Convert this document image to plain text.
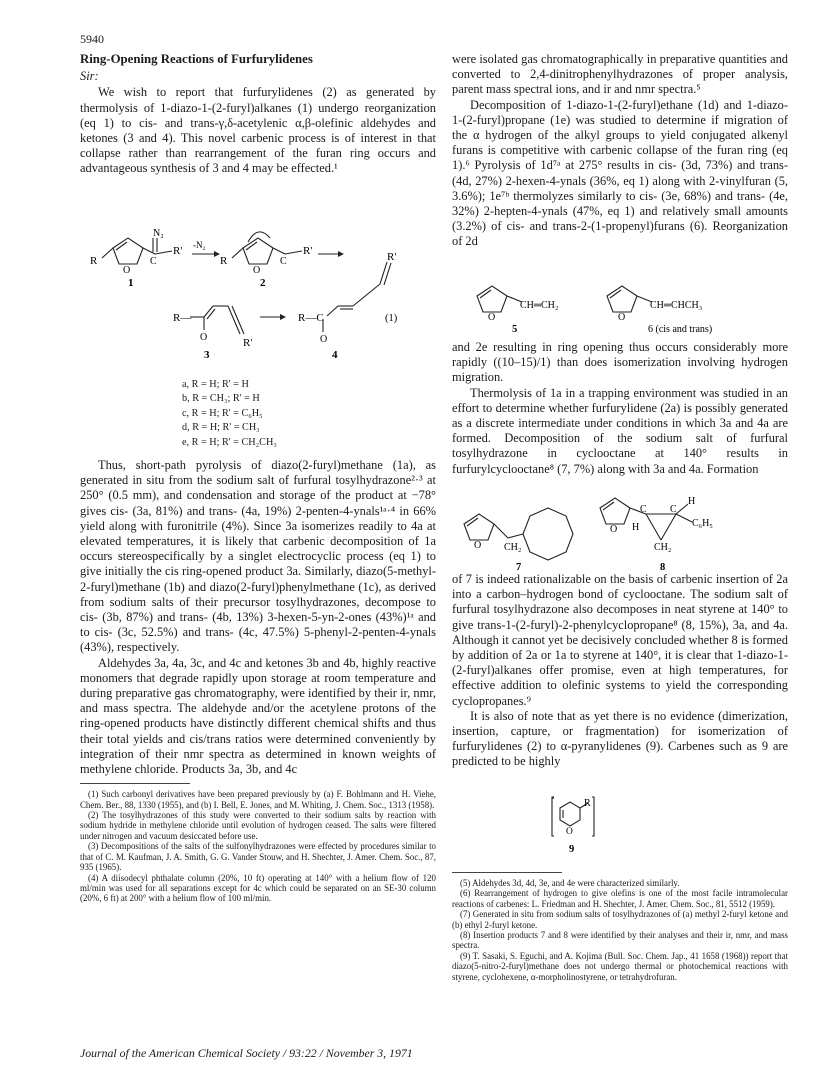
5940
Ring-Opening Reactions of Furfurylidenes
Sir:

We wish to report that furfurylidenes (2) as generated by thermolysis of 1-diazo-1-(2-furyl)alkanes (1) undergo reorganization (eq 1) to cis- and trans-γ,δ-acetylenic α,β-olefinic aldehydes and ketones (3 and 4). This novel carbenic process is of interest in that collapse rather than rearrangement of the furan ring occurs and advantageous synthesis of 3 and 4 may be effected.¹

N₂
R'
R
O
C
1
-N₂	R'
R
O
C
2
R—
O	R'
3
R—C
O
R'
(1)
4
a, R = H; R' = H
b, R = CH₃; R' = H
c, R = H; R' = C₆H₅
d, R = H; R' = CH₃
e, R = H; R' = CH₂CH₃

Thus, short-path pyrolysis of diazo(2-furyl)methane (1a), as generated in situ from the sodium salt of furfural tosylhydrazone²·³ at 250° (0.5 mm), and condensation and storage of the product at −78° gives cis- (3a, 81%) and trans- (4a, 19%) 2-penten-4-ynals¹ᵃ·⁴ in 66% yield along with furonitrile (4%). Since 3a isomerizes readily to 4a at elevated temperatures, it is likely that carbenic decomposition of 1a occurs stereospecifically by a singlet electrocyclic process (eq 1) to give initially the cis ring-opened product 3a. Similarly, diazo(5-methyl-2-furyl)methane (1b) and diazo(2-furyl)phenylmethane (1c), as derived from sodium salts of their precursor tosylhydrazones, decompose to cis- (3b, 87%) and trans- (4b, 13%) 3-hexen-5-yn-2-ones (43%)¹ᵃ and to cis- (3c, 52.5%) and trans- (4c, 47.5%) 5-phenyl-2-penten-4-ynals (43%), respectively.

Aldehydes 3a, 4a, 3c, and 4c and ketones 3b and 4b, highly reactive monomers that degrade rapidly upon storage at room temperature and during preparative gas chromatography, were identified by their ir, nmr, and mass spectra. The aldehyde and/or the acetylene protons of the ring-opened products have distinctly different chemical shifts and thus their total yields and cis/trans ratios were determined conveniently by integration of their nmr spectra as determined in known weights of methylene chloride. Products 3a, 3b, and 4c

(1) Such carbonyl derivatives have been prepared previously by (a) F. Bohlmann and H. Viehe, Chem. Ber., 88, 1330 (1955), and (b) I. Bell, E. Jones, and M. Whiting, J. Chem. Soc., 1313 (1958).

(2) The tosylhydrazones of this study were converted to their sodium salts by reaction with sodium hydride in methylene chloride until evolution of hydrogen ceased. The salts were filtered under nitrogen and vacuum desiccated before use.

(3) Decompositions of the salts of the sulfonylhydrazones were effected by procedures similar to that of C. M. Kaufman, J. A. Smith, G. G. Vander Stouw, and H. Shechter, J. Amer. Chem. Soc., 87, 935 (1965).

(4) A diisodecyl phthalate column (20%, 10 ft) operating at 140° with a helium flow of 120 ml/min was used for all separations except for 4c which could be separated on an SE-30 column (20%, 6 ft) at 200° with a helium flow of 100 ml/min.

were isolated gas chromatographically in preparative quantities and converted to 2,4-dinitrophenylhydrazones of proper analysis, parent mass spectral ions, and ir and nmr spectra.⁵

Decomposition of 1-diazo-1-(2-furyl)ethane (1d) and 1-diazo-1-(2-furyl)propane (1e) was studied to determine if migration of the α hydrogen of the alkyl groups to yield conjugated alkenyl furans is competitive with carbenic collapse of the furan ring (eq 1).⁶ Pyrolysis of 1d⁷ᵃ at 275° results in cis- (3d, 73%) and trans- (4d, 27%) 2-hexen-4-ynals (36%, eq 1) along with 2-vinylfuran (5, 3.6%); 1e⁷ᵇ thermolyzes similarly to cis- (3e, 68%) and trans- (4e, 32%) 2-hepten-4-ynals (47%, eq 1) and relatively small amounts (3.2%) of cis- and trans-2-(1-propenyl)furans (6). Reorganization of 2d

O
CH═CH₂
5
O
CH═CHCH₃
6 (cis and trans)

and 2e resulting in ring opening thus occurs considerably more rapidly ((10–15)/1) than does isomerization involving hydrogen migration.

Thermolysis of 1a in a trapping environment was studied in an effort to determine whether furfurylidene (2a) is possibly generated as a discrete intermediate under conditions in which 3a and 4a are formed. Decomposition of the sodium salt of furfural tosylhydrazone in cyclooctane at 140° results in furfurylcyclooctane⁸ (7, 7%) along with 3a and 4a. Formation

O CH₂
7
O
C C
H
H	C₆H₅
CH₂
8

of 7 is indeed rationalizable on the basis of carbenic insertion of 2a into a carbon–hydrogen bond of cyclooctane. The sodium salt of furfural tosylhydrazone also decomposes in neat styrene at 140° to give trans-1-(2-furyl)-2-phenylcyclopropane⁸ (8, 15%), 3a, and 4a. Although it cannot yet be decisively concluded whether 8 is formed by addition of 2a or 1a to styrene at 140°, it is clear that 1-diazo-1-(2-furyl)alkanes offer promise, even at high temperatures, for effective addition to olefinic systems to yield the corresponding cyclopropanes.⁹

It is also of note that as yet there is no evidence (dimerization, insertion, capture, or fragmentation) for isomerization of furfurylidenes (2) to α-pyranylidenes (9). Carbenes such as 9 are predicted to be highly

O
R
9

(5) Aldehydes 3d, 4d, 3e, and 4e were characterized similarly.

(6) Rearrangement of hydrogen to give olefins is one of the most facile intramolecular reactions of carbenes: L. Friedman and H. Shechter, J. Amer. Chem. Soc., 81, 5512 (1959).

(7) Generated in situ from sodium salts of tosylhydrazones of (a) methyl 2-furyl ketone and (b) ethyl 2-furyl ketone.

(8) Insertion products 7 and 8 were identified by their analyses and their ir, nmr, and mass spectra.

(9) T. Sasaki, S. Eguchi, and A. Kojima (Bull. Soc. Chem. Jap., 41 1658 (1968)) report that diazo(5-nitro-2-furyl)methane does not undergo thermal or photochemical reactions with styrene, cyclohexene, α-morpholinostyrene, or tetrahydrofuran.

Journal of the American Chemical Society / 93:22 / November 3, 1971
